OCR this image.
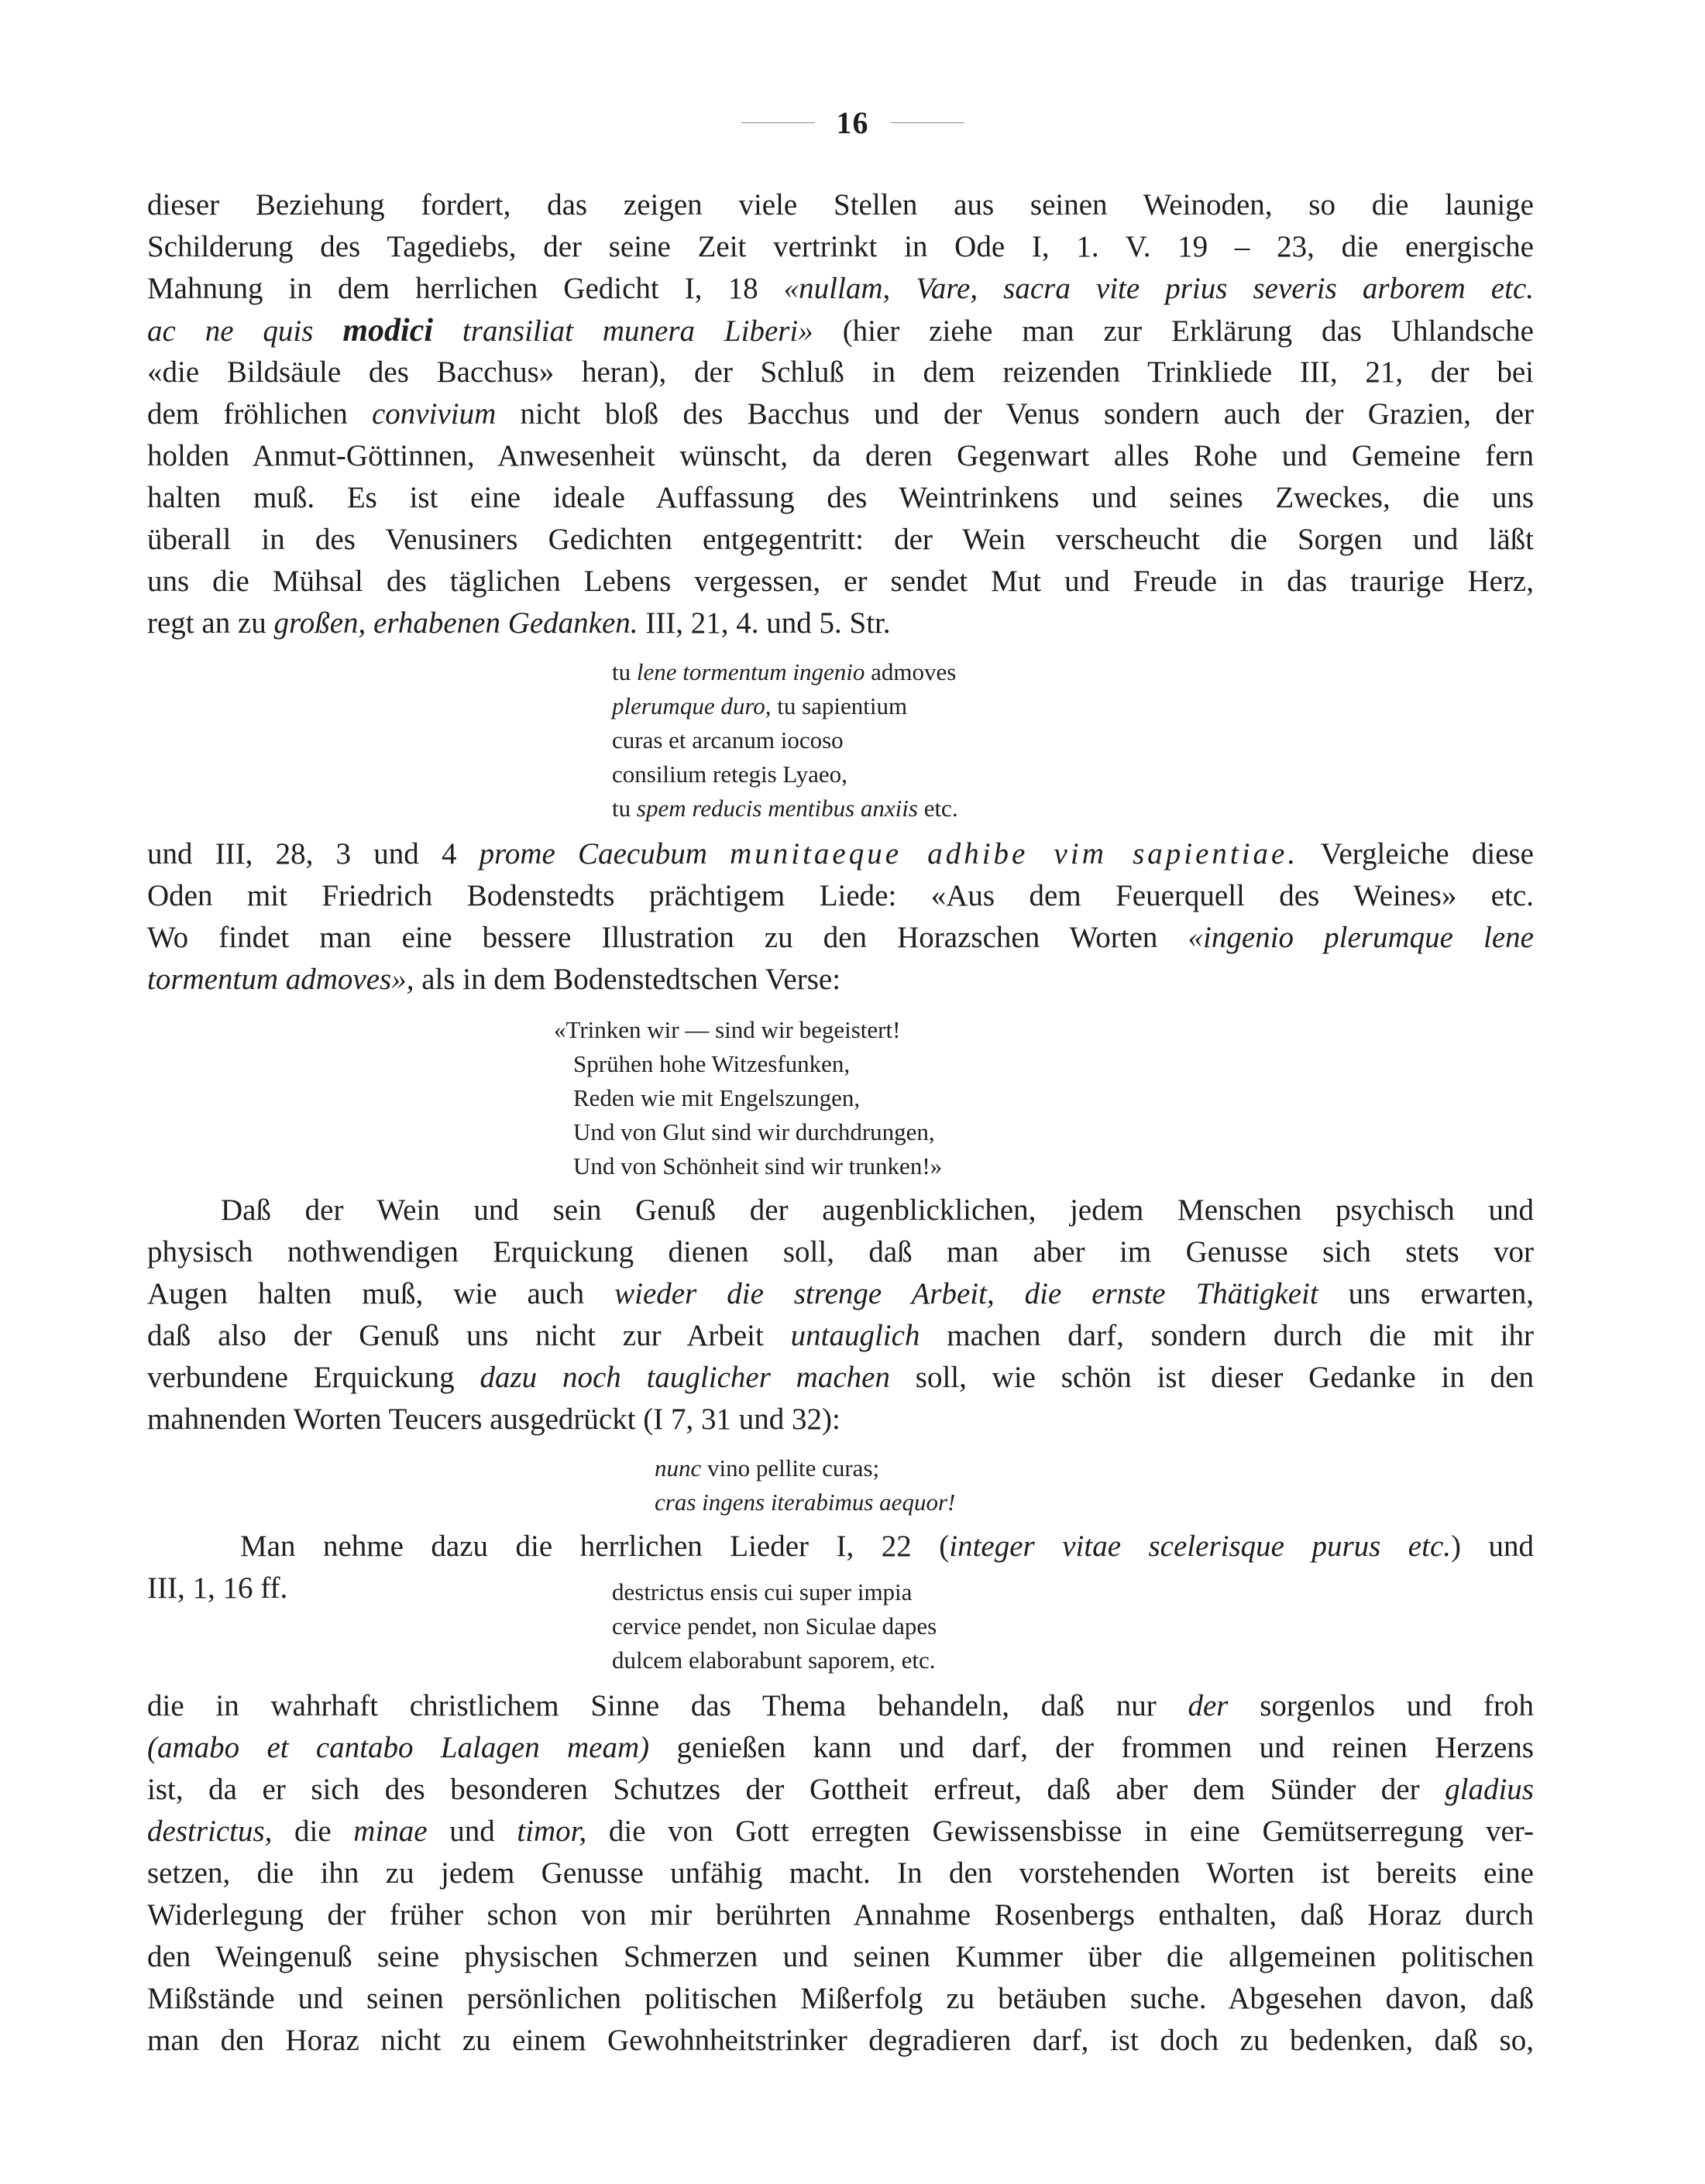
16
dieser Beziehung fordert, das zeigen viele Stellen aus seinen Weinoden, so die launige
Schilderung des Tagediebs, der seine Zeit vertrinkt in Ode I, 1. V. 19 – 23, die energische
Mahnung in dem herrlichen Gedicht I, 18 «nullam, Vare, sacra vite prius severis arborem etc.
ac ne quis modici transiliat munera Liberi» (hier ziehe man zur Erklärung das Uhlandsche
«die Bildsäule des Bacchus» heran), der Schluß in dem reizenden Trinkliede III, 21, der bei
dem fröhlichen convivium nicht bloß des Bacchus und der Venus sondern auch der Grazien, der
holden Anmut-Göttinnen, Anwesenheit wünscht, da deren Gegenwart alles Rohe und Gemeine fern
halten muß. Es ist eine ideale Auffassung des Weintrinkens und seines Zweckes, die uns
überall in des Venusiners Gedichten entgegentritt: der Wein verscheucht die Sorgen und läßt
uns die Mühsal des täglichen Lebens vergessen, er sendet Mut und Freude in das traurige Herz,
regt an zu großen, erhabenen Gedanken. III, 21, 4. und 5. Str.
tu lene tormentum ingenio admoves
plerumque duro, tu sapientium
curas et arcanum iocoso
consilium retegis Lyaeo,
tu spem reducis mentibus anxiis etc.
und III, 28, 3 und 4 prome Caecubum munitaeque adhibe vim sapientiae. Vergleiche diese
Oden mit Friedrich Bodenstedts prächtigem Liede: «Aus dem Feuerquell des Weines» etc.
Wo findet man eine bessere Illustration zu den Horazschen Worten «ingenio plerumque lene
tormentum admoves», als in dem Bodenstedtschen Verse:
«Trinken wir — sind wir begeistert!
Sprühen hohe Witzesfunken,
Reden wie mit Engelszungen,
Und von Glut sind wir durchdrungen,
Und von Schönheit sind wir trunken!»
Daß der Wein und sein Genuß der augenblicklichen, jedem Menschen psychisch und
physisch nothwendigen Erquickung dienen soll, daß man aber im Genusse sich stets vor
Augen halten muß, wie auch wieder die strenge Arbeit, die ernste Thätigkeit uns erwarten,
daß also der Genuß uns nicht zur Arbeit untauglich machen darf, sondern durch die mit ihr
verbundene Erquickung dazu noch tauglicher machen soll, wie schön ist dieser Gedanke in den
mahnenden Worten Teucers ausgedrückt (I 7, 31 und 32):
nunc vino pellite curas;
cras ingens iterabimus aequor!
Man nehme dazu die herrlichen Lieder I, 22 (integer vitae scelerisque purus etc.) und
III, 1, 16 ff.	destrictus ensis cui super impia
cervice pendet, non Siculae dapes
dulcem elaborabunt saporem, etc.
die in wahrhaft christlichem Sinne das Thema behandeln, daß nur der sorgenlos und froh
(amabo et cantabo Lalagen meam) genießen kann und darf, der frommen und reinen Herzens
ist, da er sich des besonderen Schutzes der Gottheit erfreut, daß aber dem Sünder der gladius
destrictus, die minae und timor, die von Gott erregten Gewissensbisse in eine Gemütserregung ver-
setzen, die ihn zu jedem Genusse unfähig macht. In den vorstehenden Worten ist bereits eine
Widerlegung der früher schon von mir berührten Annahme Rosenbergs enthalten, daß Horaz durch
den Weingenuß seine physischen Schmerzen und seinen Kummer über die allgemeinen politischen
Mißstände und seinen persönlichen politischen Mißerfolg zu betäuben suche. Abgesehen davon, daß
man den Horaz nicht zu einem Gewohnheitstrinker degradieren darf, ist doch zu bedenken, daß so,
